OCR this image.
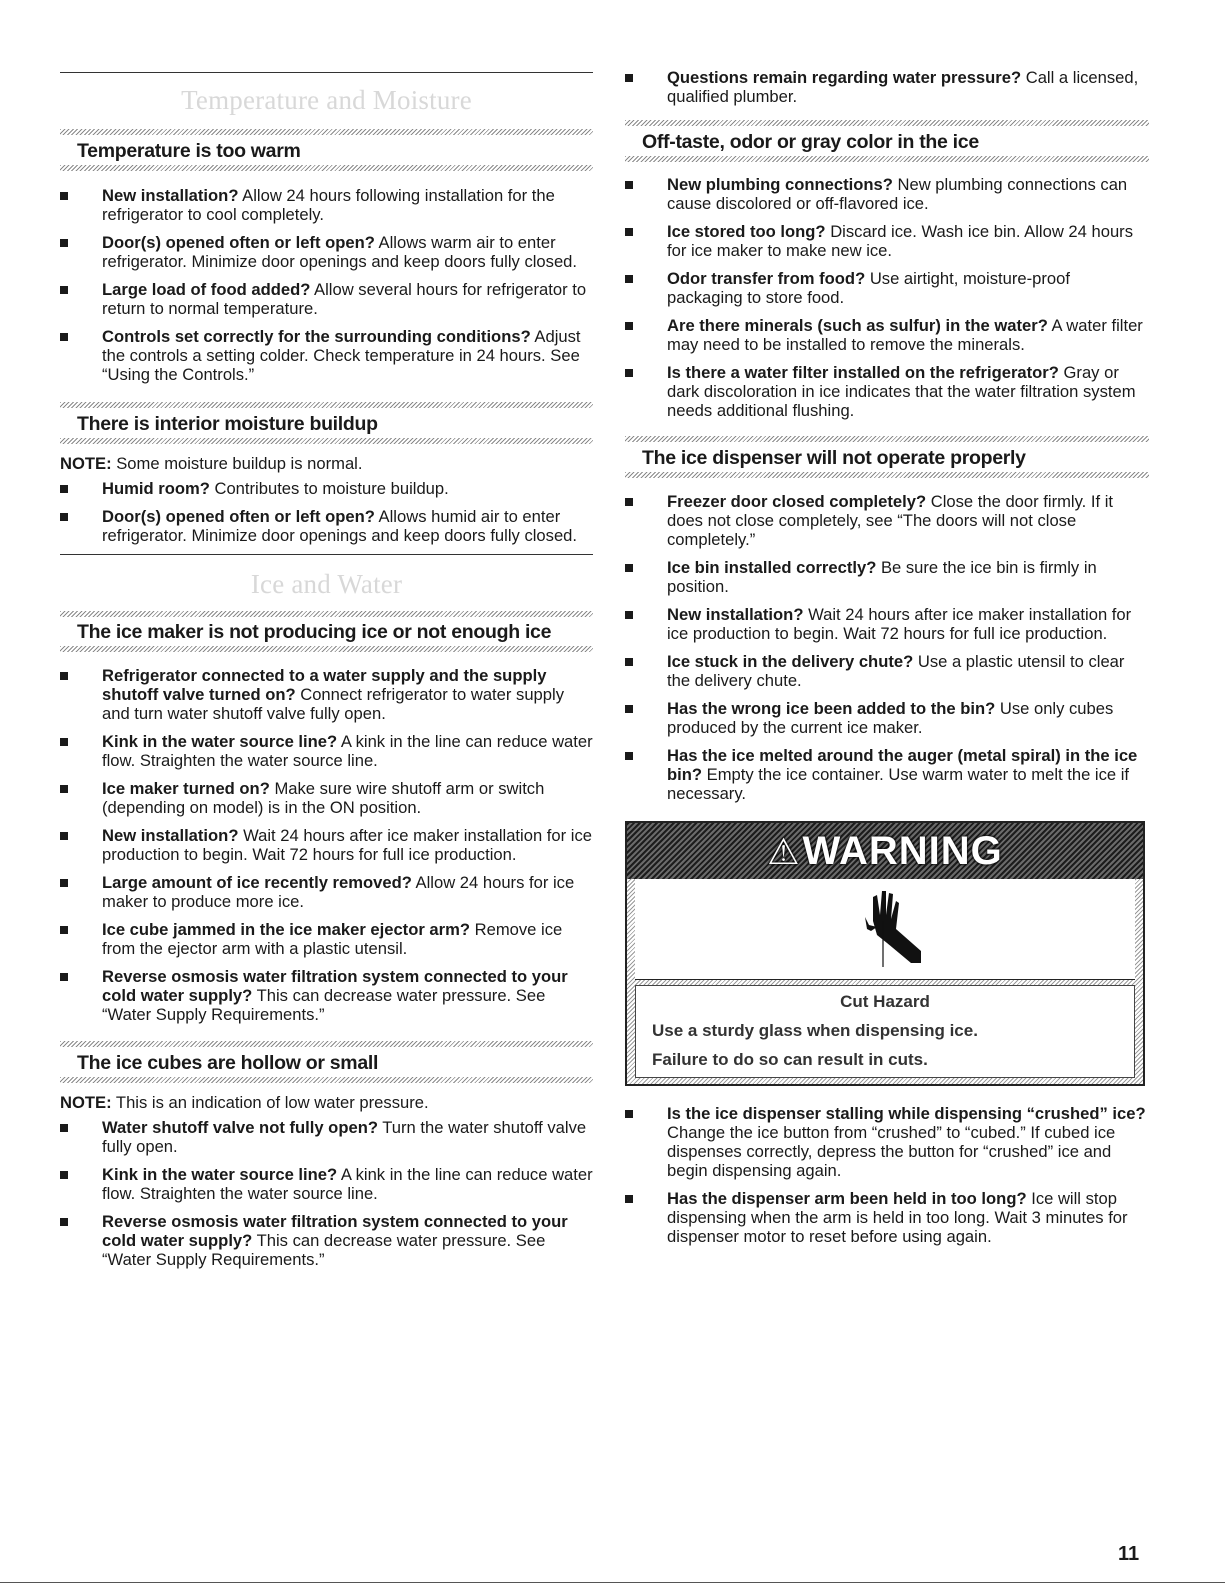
Temperature and Moisture
Temperature is too warm
New installation? Allow 24 hours following installation for the refrigerator to cool completely.
Door(s) opened often or left open? Allows warm air to enter refrigerator. Minimize door openings and keep doors fully closed.
Large load of food added? Allow several hours for refrigerator to return to normal temperature.
Controls set correctly for the surrounding conditions? Adjust the controls a setting colder. Check temperature in 24 hours. See “Using the Controls.”
There is interior moisture buildup
NOTE: Some moisture buildup is normal.
Humid room? Contributes to moisture buildup.
Door(s) opened often or left open? Allows humid air to enter refrigerator. Minimize door openings and keep doors fully closed.
Ice and Water
The ice maker is not producing ice or not enough ice
Refrigerator connected to a water supply and the supply shutoff valve turned on? Connect refrigerator to water supply and turn water shutoff valve fully open.
Kink in the water source line? A kink in the line can reduce water flow. Straighten the water source line.
Ice maker turned on? Make sure wire shutoff arm or switch (depending on model) is in the ON position.
New installation? Wait 24 hours after ice maker installation for ice production to begin. Wait 72 hours for full ice production.
Large amount of ice recently removed? Allow 24 hours for ice maker to produce more ice.
Ice cube jammed in the ice maker ejector arm? Remove ice from the ejector arm with a plastic utensil.
Reverse osmosis water filtration system connected to your cold water supply? This can decrease water pressure. See “Water Supply Requirements.”
The ice cubes are hollow or small
NOTE: This is an indication of low water pressure.
Water shutoff valve not fully open? Turn the water shutoff valve fully open.
Kink in the water source line? A kink in the line can reduce water flow. Straighten the water source line.
Reverse osmosis water filtration system connected to your cold water supply? This can decrease water pressure. See “Water Supply Requirements.”
Questions remain regarding water pressure? Call a licensed, qualified plumber.
Off-taste, odor or gray color in the ice
New plumbing connections? New plumbing connections can cause discolored or off-flavored ice.
Ice stored too long? Discard ice. Wash ice bin. Allow 24 hours for ice maker to make new ice.
Odor transfer from food? Use airtight, moisture-proof packaging to store food.
Are there minerals (such as sulfur) in the water? A water filter may need to be installed to remove the minerals.
Is there a water filter installed on the refrigerator? Gray or dark discoloration in ice indicates that the water filtration system needs additional flushing.
The ice dispenser will not operate properly
Freezer door closed completely? Close the door firmly. If it does not close completely, see “The doors will not close completely.”
Ice bin installed correctly? Be sure the ice bin is firmly in position.
New installation? Wait 24 hours after ice maker installation for ice production to begin. Wait 72 hours for full ice production.
Ice stuck in the delivery chute? Use a plastic utensil to clear the delivery chute.
Has the wrong ice been added to the bin? Use only cubes produced by the current ice maker.
Has the ice melted around the auger (metal spiral) in the ice bin? Empty the ice container. Use warm water to melt the ice if necessary.
Is the ice dispenser stalling while dispensing “crushed” ice? Change the ice button from “crushed” to “cubed.” If cubed ice dispenses correctly, depress the button for “crushed” ice and begin dispensing again.
Has the dispenser arm been held in too long? Ice will stop dispensing when the arm is held in too long. Wait 3 minutes for dispenser motor to reset before using again.
⚠ WARNING
Cut Hazard

Use a sturdy glass when dispensing ice.

Failure to do so can result in cuts.

11
